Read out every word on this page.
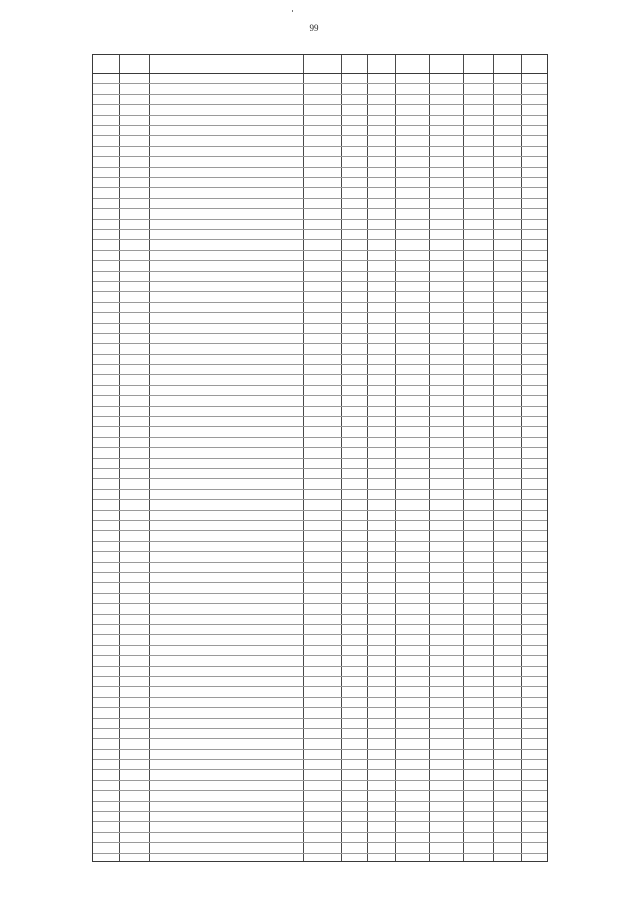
99
